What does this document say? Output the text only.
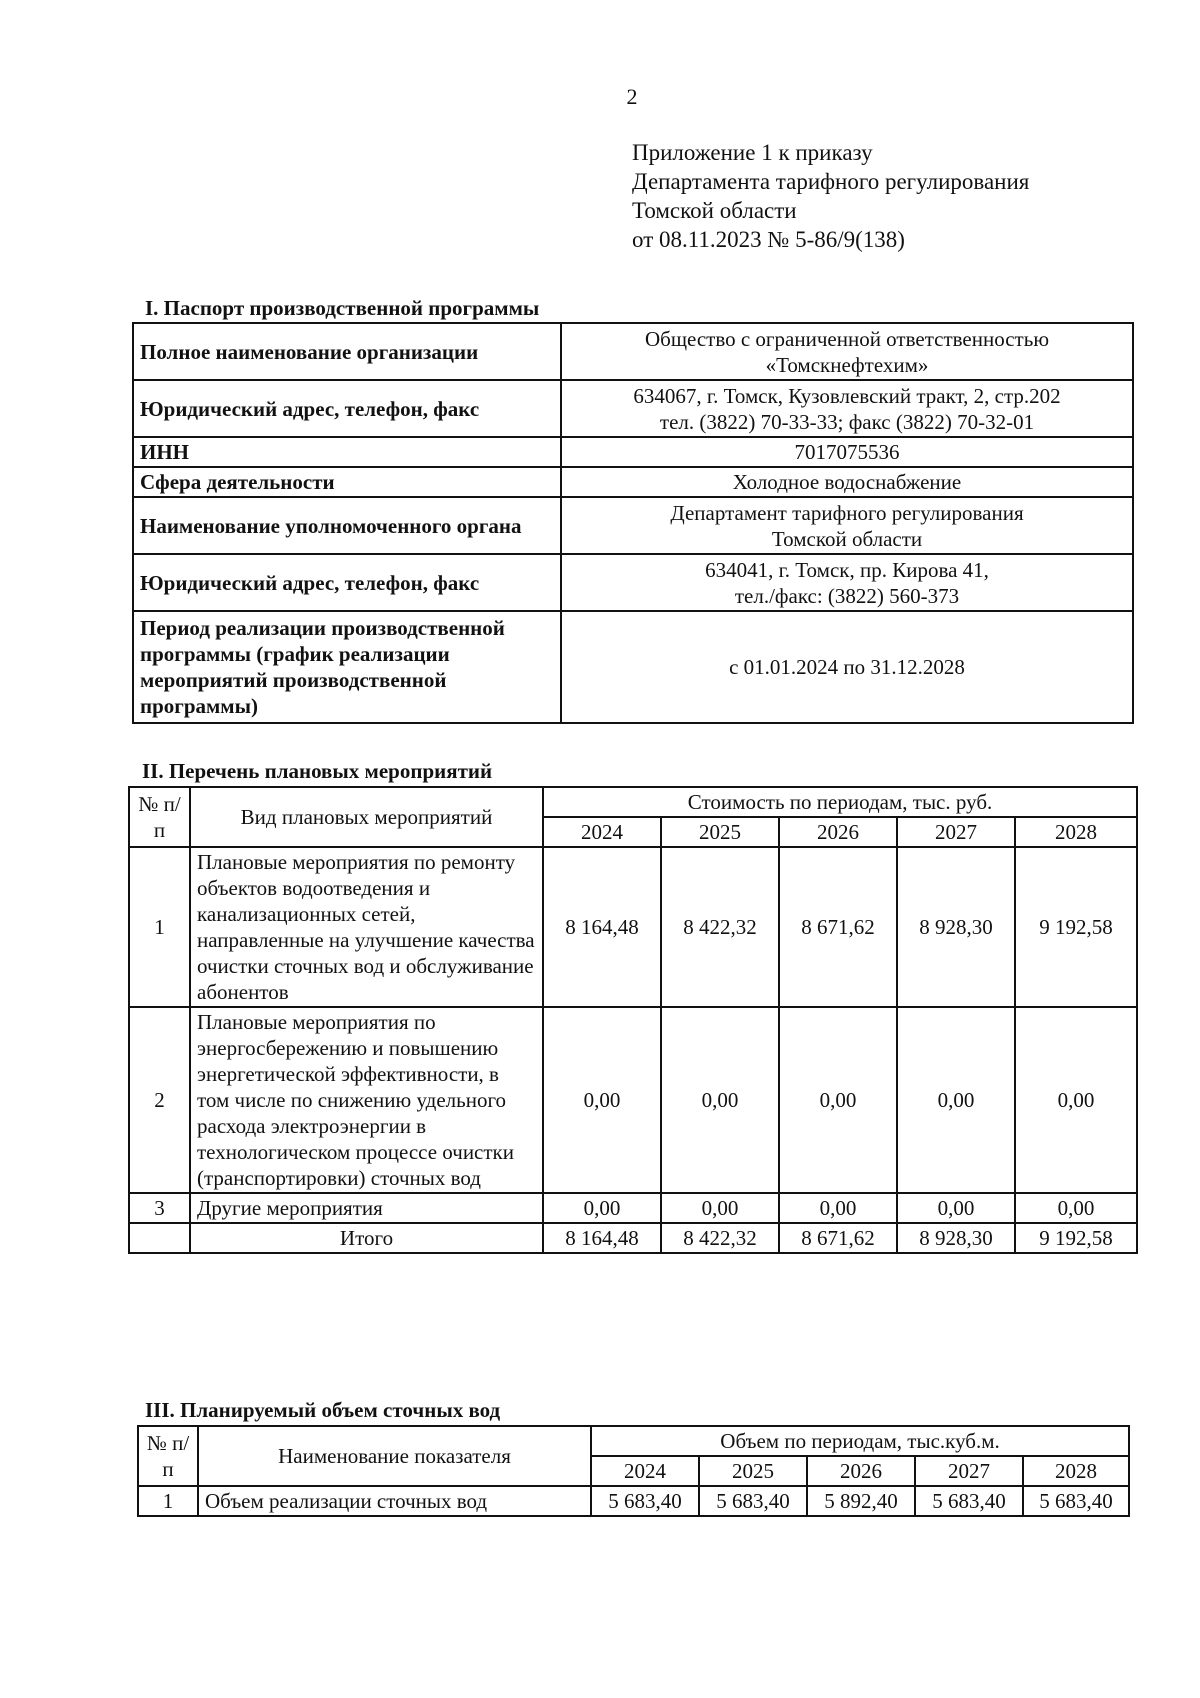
2
Приложение 1 к приказу
Департамента тарифного регулирования
Томской области
от 08.11.2023 № 5-86/9(138)
I. Паспорт производственной программы
Полное наименование организации	Общество с ограниченной ответственностью
«Томскнефтехим»

Юридический адрес, телефон, факс	634067, г. Томск, Кузовлевский тракт, 2, стр.202
тел. (3822) 70-33-33; факс (3822) 70-32-01

ИНН	7017075536
Сфера деятельности	Холодное водоснабжение
Наименование уполномоченного органа	Департамент тарифного регулирования
Томской области

Юридический адрес, телефон, факс	634041, г. Томск, пр. Кирова 41,
тел./факс: (3822) 560-373

Период реализации производственной программы (график реализации мероприятий производственной программы)	с 01.01.2024 по 31.12.2028
II. Перечень плановых мероприятий
№ п/п	Вид плановых мероприятий	Стоимость по периодам, тыс. руб.				
		2024	2025	2026	2027	2028
1	Плановые мероприятия по ремонту объектов водоотведения и канализационных сетей, направленные на улучшение качества очистки сточных вод и обслуживание абонентов	8 164,48	8 422,32	8 671,62	8 928,30	9 192,58
2	Плановые мероприятия по энергосбережению и повышению энергетической эффективности, в том числе по снижению удельного расхода электроэнергии в технологическом процессе очистки (транспортировки) сточных вод	0,00	0,00	0,00	0,00	0,00
3	Другие мероприятия	0,00	0,00	0,00	0,00	0,00
	Итого	8 164,48	8 422,32	8 671,62	8 928,30	9 192,58
III. Планируемый объем сточных вод
№ п/п	Наименование показателя	Объем по периодам, тыс.куб.м.				
		2024	2025	2026	2027	2028
1	Объем реализации сточных вод	5 683,40	5 683,40	5 892,40	5 683,40	5 683,40
